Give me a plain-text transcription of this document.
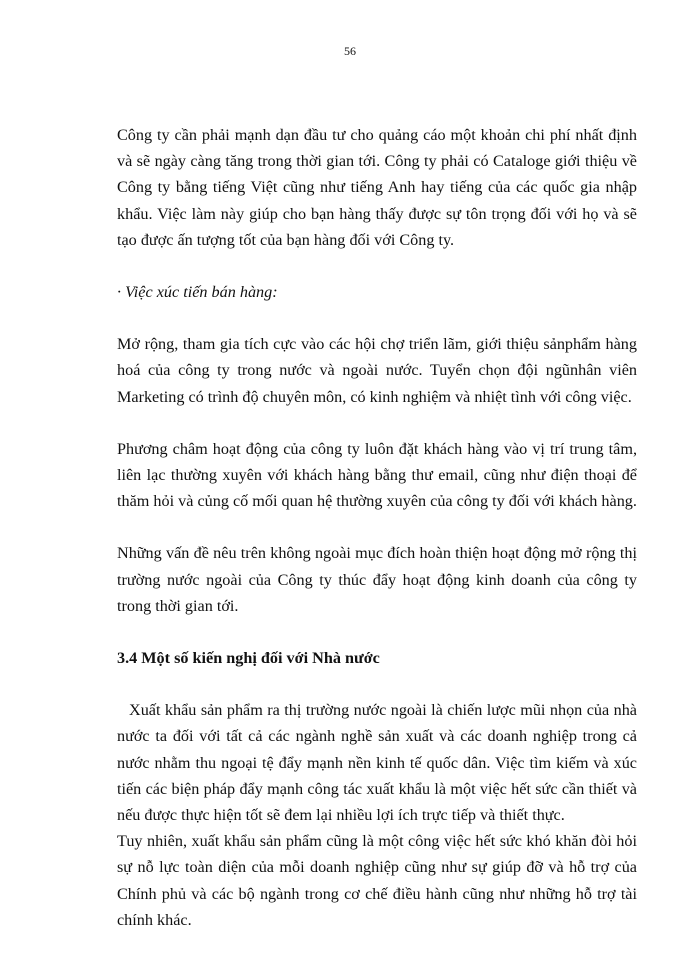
56

Công ty cần phải mạnh dạn đầu tư cho quảng cáo một khoản chi phí nhất định và sẽ ngày càng tăng trong thời gian tới. Công ty phải có Cataloge giới thiệu về Công ty bằng tiếng Việt cũng như tiếng Anh hay tiếng của các quốc gia nhập khẩu. Việc làm này giúp cho bạn hàng thấy được sự tôn trọng đối với họ và sẽ tạo được ấn tượng tốt của bạn hàng đối với Công ty.

· Việc xúc tiến bán hàng:

Mở rộng, tham gia tích cực vào các hội chợ triển lãm, giới thiệu sảnphẩm hàng hoá của công ty trong nước và ngoài nước. Tuyển chọn đội ngũnhân viên Marketing có trình độ chuyên môn, có kinh nghiệm và nhiệt tình với công việc.

Phương châm hoạt động của công ty luôn đặt khách hàng vào vị trí trung tâm, liên lạc thường xuyên với khách hàng bằng thư email, cũng như điện thoại để thăm hỏi và củng cố mối quan hệ thường xuyên của công ty đối với khách hàng.

Những vấn đề nêu trên không ngoài mục đích hoàn thiện hoạt động mở rộng thị trường nước ngoài của Công ty thúc đẩy hoạt động kinh doanh của công ty trong thời gian tới.

3.4 Một số kiến nghị đối với Nhà nước

Xuất khẩu sản phẩm ra thị trường nước ngoài là chiến lược mũi nhọn của nhà nước ta đối với tất cả các ngành nghề sản xuất và các doanh nghiệp trong cả nước nhằm thu ngoại tệ đẩy mạnh nền kinh tế quốc dân. Việc tìm kiếm và xúc tiến các biện pháp đẩy mạnh công tác xuất khẩu là một việc hết sức cần thiết và nếu được thực hiện tốt sẽ đem lại nhiều lợi ích trực tiếp và thiết thực.

Tuy nhiên, xuất khẩu sản phẩm cũng là một công việc hết sức khó khăn đòi hỏi sự nỗ lực toàn diện của mỗi doanh nghiệp cũng như sự giúp đỡ và hỗ trợ của Chính phủ và các bộ ngành trong cơ chế điều hành cũng như những hỗ trợ tài chính khác.
